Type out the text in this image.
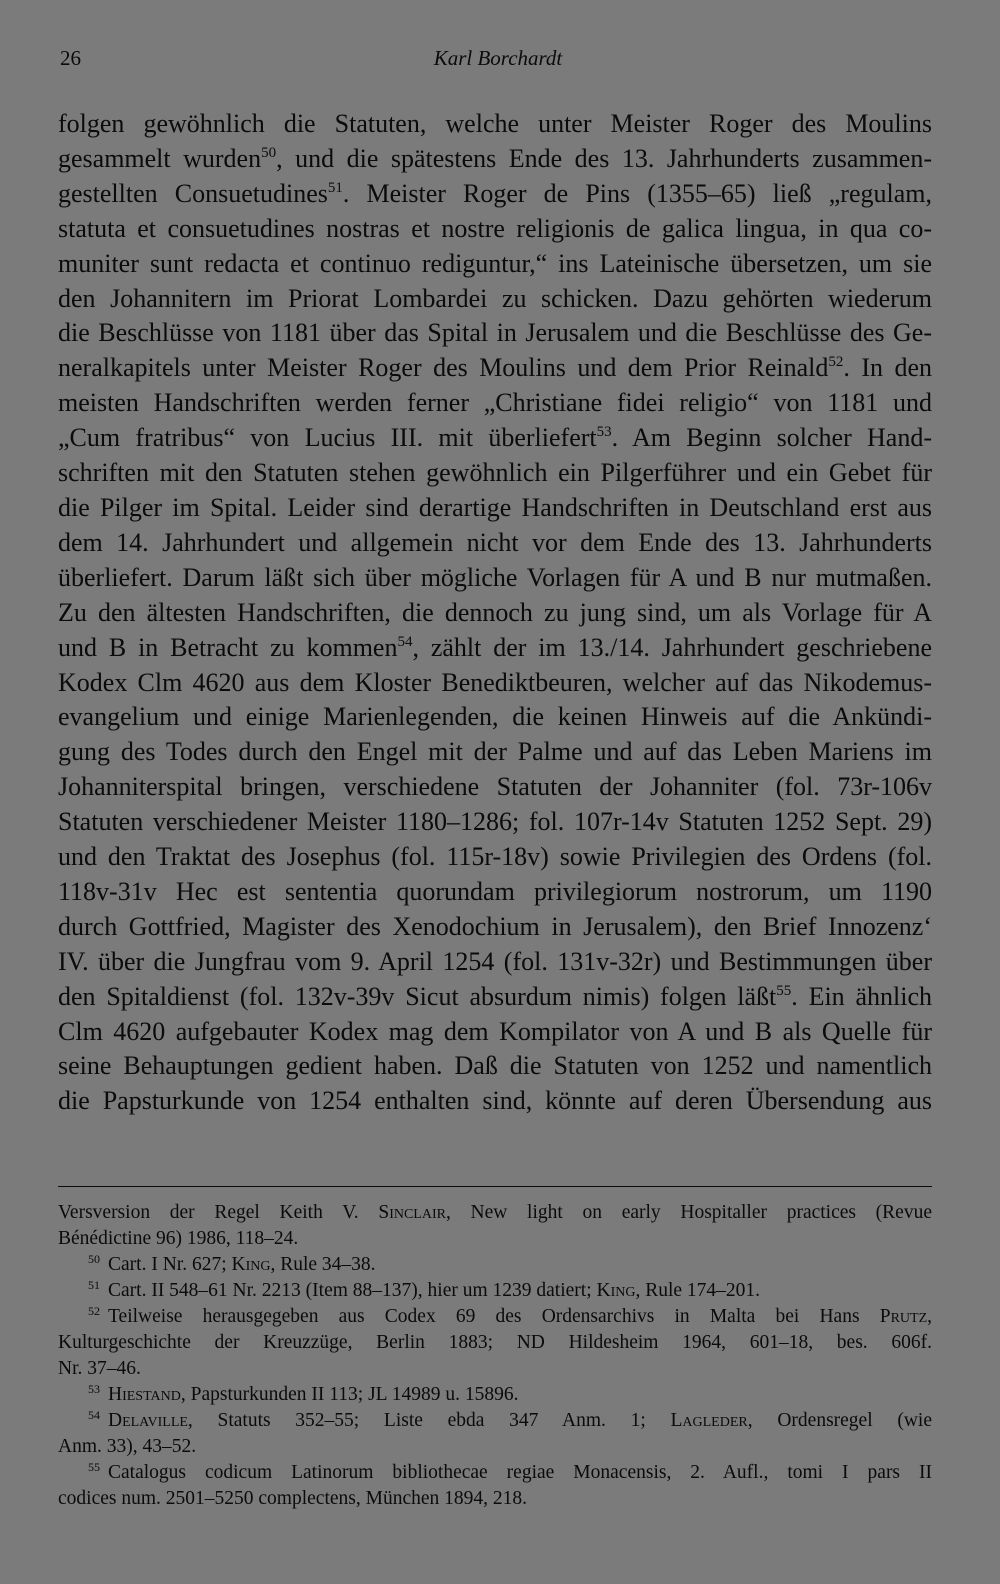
26	Karl Borchardt
folgen gewöhnlich die Statuten, welche unter Meister Roger des Moulins
gesammelt wurden$^{50}$, und die spätestens Ende des 13. Jahrhunderts zusammen-
gestellten Consuetudines$^{51}$. Meister Roger de Pins (1355–65) ließ „regulam,
statuta et consuetudines nostras et nostre religionis de galica lingua, in qua co-
muniter sunt redacta et continuo rediguntur,“ ins Lateinische übersetzen, um sie
den Johannitern im Priorat Lombardei zu schicken. Dazu gehörten wiederum
die Beschlüsse von 1181 über das Spital in Jerusalem und die Beschlüsse des Ge-
neralkapitels unter Meister Roger des Moulins und dem Prior Reinald$^{52}$. In den
meisten Handschriften werden ferner „Christiane fidei religio“ von 1181 und
„Cum fratribus“ von Lucius III. mit überliefert$^{53}$. Am Beginn solcher Hand-
schriften mit den Statuten stehen gewöhnlich ein Pilgerführer und ein Gebet für
die Pilger im Spital. Leider sind derartige Handschriften in Deutschland erst aus
dem 14. Jahrhundert und allgemein nicht vor dem Ende des 13. Jahrhunderts
überliefert. Darum läßt sich über mögliche Vorlagen für A und B nur mutmaßen.
Zu den ältesten Handschriften, die dennoch zu jung sind, um als Vorlage für A
und B in Betracht zu kommen$^{54}$, zählt der im 13./14. Jahrhundert geschriebene
Kodex Clm 4620 aus dem Kloster Benediktbeuren, welcher auf das Nikodemus-
evangelium und einige Marienlegenden, die keinen Hinweis auf die Ankündi-
gung des Todes durch den Engel mit der Palme und auf das Leben Mariens im
Johanniterspital bringen, verschiedene Statuten der Johanniter (fol. 73r-106v
Statuten verschiedener Meister 1180–1286; fol. 107r-14v Statuten 1252 Sept. 29)
und den Traktat des Josephus (fol. 115r-18v) sowie Privilegien des Ordens (fol.
118v-31v Hec est sententia quorundam privilegiorum nostrorum, um 1190
durch Gottfried, Magister des Xenodochium in Jerusalem), den Brief Innozenz‘
IV. über die Jungfrau vom 9. April 1254 (fol. 131v-32r) und Bestimmungen über
den Spitaldienst (fol. 132v-39v Sicut absurdum nimis) folgen läßt$^{55}$. Ein ähnlich
Clm 4620 aufgebauter Kodex mag dem Kompilator von A und B als Quelle für
seine Behauptungen gedient haben. Daß die Statuten von 1252 und namentlich
die Papsturkunde von 1254 enthalten sind, könnte auf deren Übersendung aus
Versversion der Regel Keith V. Sinclair, New light on early Hospitaller practices (Revue
Bénédictine 96) 1986, 118–24.
$^{50}$ Cart. I Nr. 627; King, Rule 34–38.
$^{51}$ Cart. II 548–61 Nr. 2213 (Item 88–137), hier um 1239 datiert; King, Rule 174–201.
$^{52}$ Teilweise herausgegeben aus Codex 69 des Ordensarchivs in Malta bei Hans Prutz,
Kulturgeschichte der Kreuzzüge, Berlin 1883; ND Hildesheim 1964, 601–18, bes. 606f.
Nr. 37–46.
$^{53}$ Hiestand, Papsturkunden II 113; JL 14989 u. 15896.
$^{54}$ Delaville, Statuts 352–55; Liste ebda 347 Anm. 1; Lagleder, Ordensregel (wie
Anm. 33), 43–52.
$^{55}$ Catalogus codicum Latinorum bibliothecae regiae Monacensis, 2. Aufl., tomi I pars II
codices num. 2501–5250 complectens, München 1894, 218.
